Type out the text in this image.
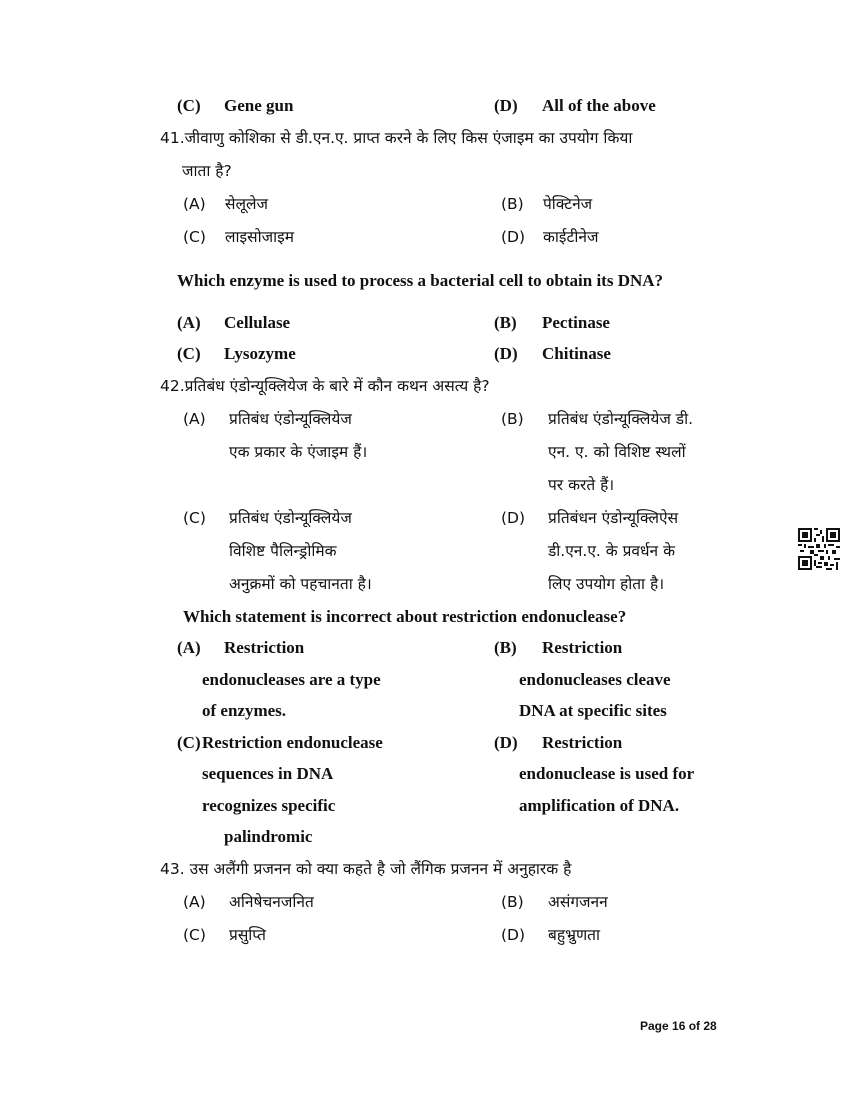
(C) Gene gun	(D) All of the above
41.जीवाणु कोशिका से डी.एन.ए. प्राप्त करने के लिए किस एंजाइम का उपयोग किया
जाता है?
(A) सेलूलेज	(B) पेक्टिनेज
(C) लाइसोजाइम	(D) काईटीनेज
Which enzyme is used to process a bacterial cell to obtain its DNA?
(A) Cellulase	(B) Pectinase
(C) Lysozyme	(D) Chitinase
42.प्रतिबंध एंडोन्यूक्लियेज के बारे में कौन कथन असत्य है?
(A) प्रतिबंध एंडोन्यूक्लियेज
एक प्रकार के एंजाइम हैं।
(B) प्रतिबंध एंडोन्यूक्लियेज डी.
एन. ए. को विशिष्ट स्थलों
पर करते हैं।
(C) प्रतिबंध एंडोन्यूक्लियेज
विशिष्ट पैलिन्ड्रोमिक
अनुक्रमों को पहचानता है।
(D) प्रतिबंधन एंडोन्यूक्लिऐस
डी.एन.ए. के प्रवर्धन के
लिए उपयोग होता है।
Which statement is incorrect about restriction endonuclease?
(A) Restriction
endonucleases are a type
of enzymes.
(B) Restriction
endonucleases cleave
DNA at specific sites
(C) Restriction endonuclease
sequences in DNA
recognizes specific
palindromic
(D) Restriction
endonuclease is used for
amplification of DNA.
43. उस अलैंगी प्रजनन को क्या कहते है जो लैंगिक प्रजनन में अनुहारक है
(A) अनिषेचनजनित	(B) असंगजनन
(C) प्रसुप्ति	(D) बहुभ्रुणता
Page 16 of 28
